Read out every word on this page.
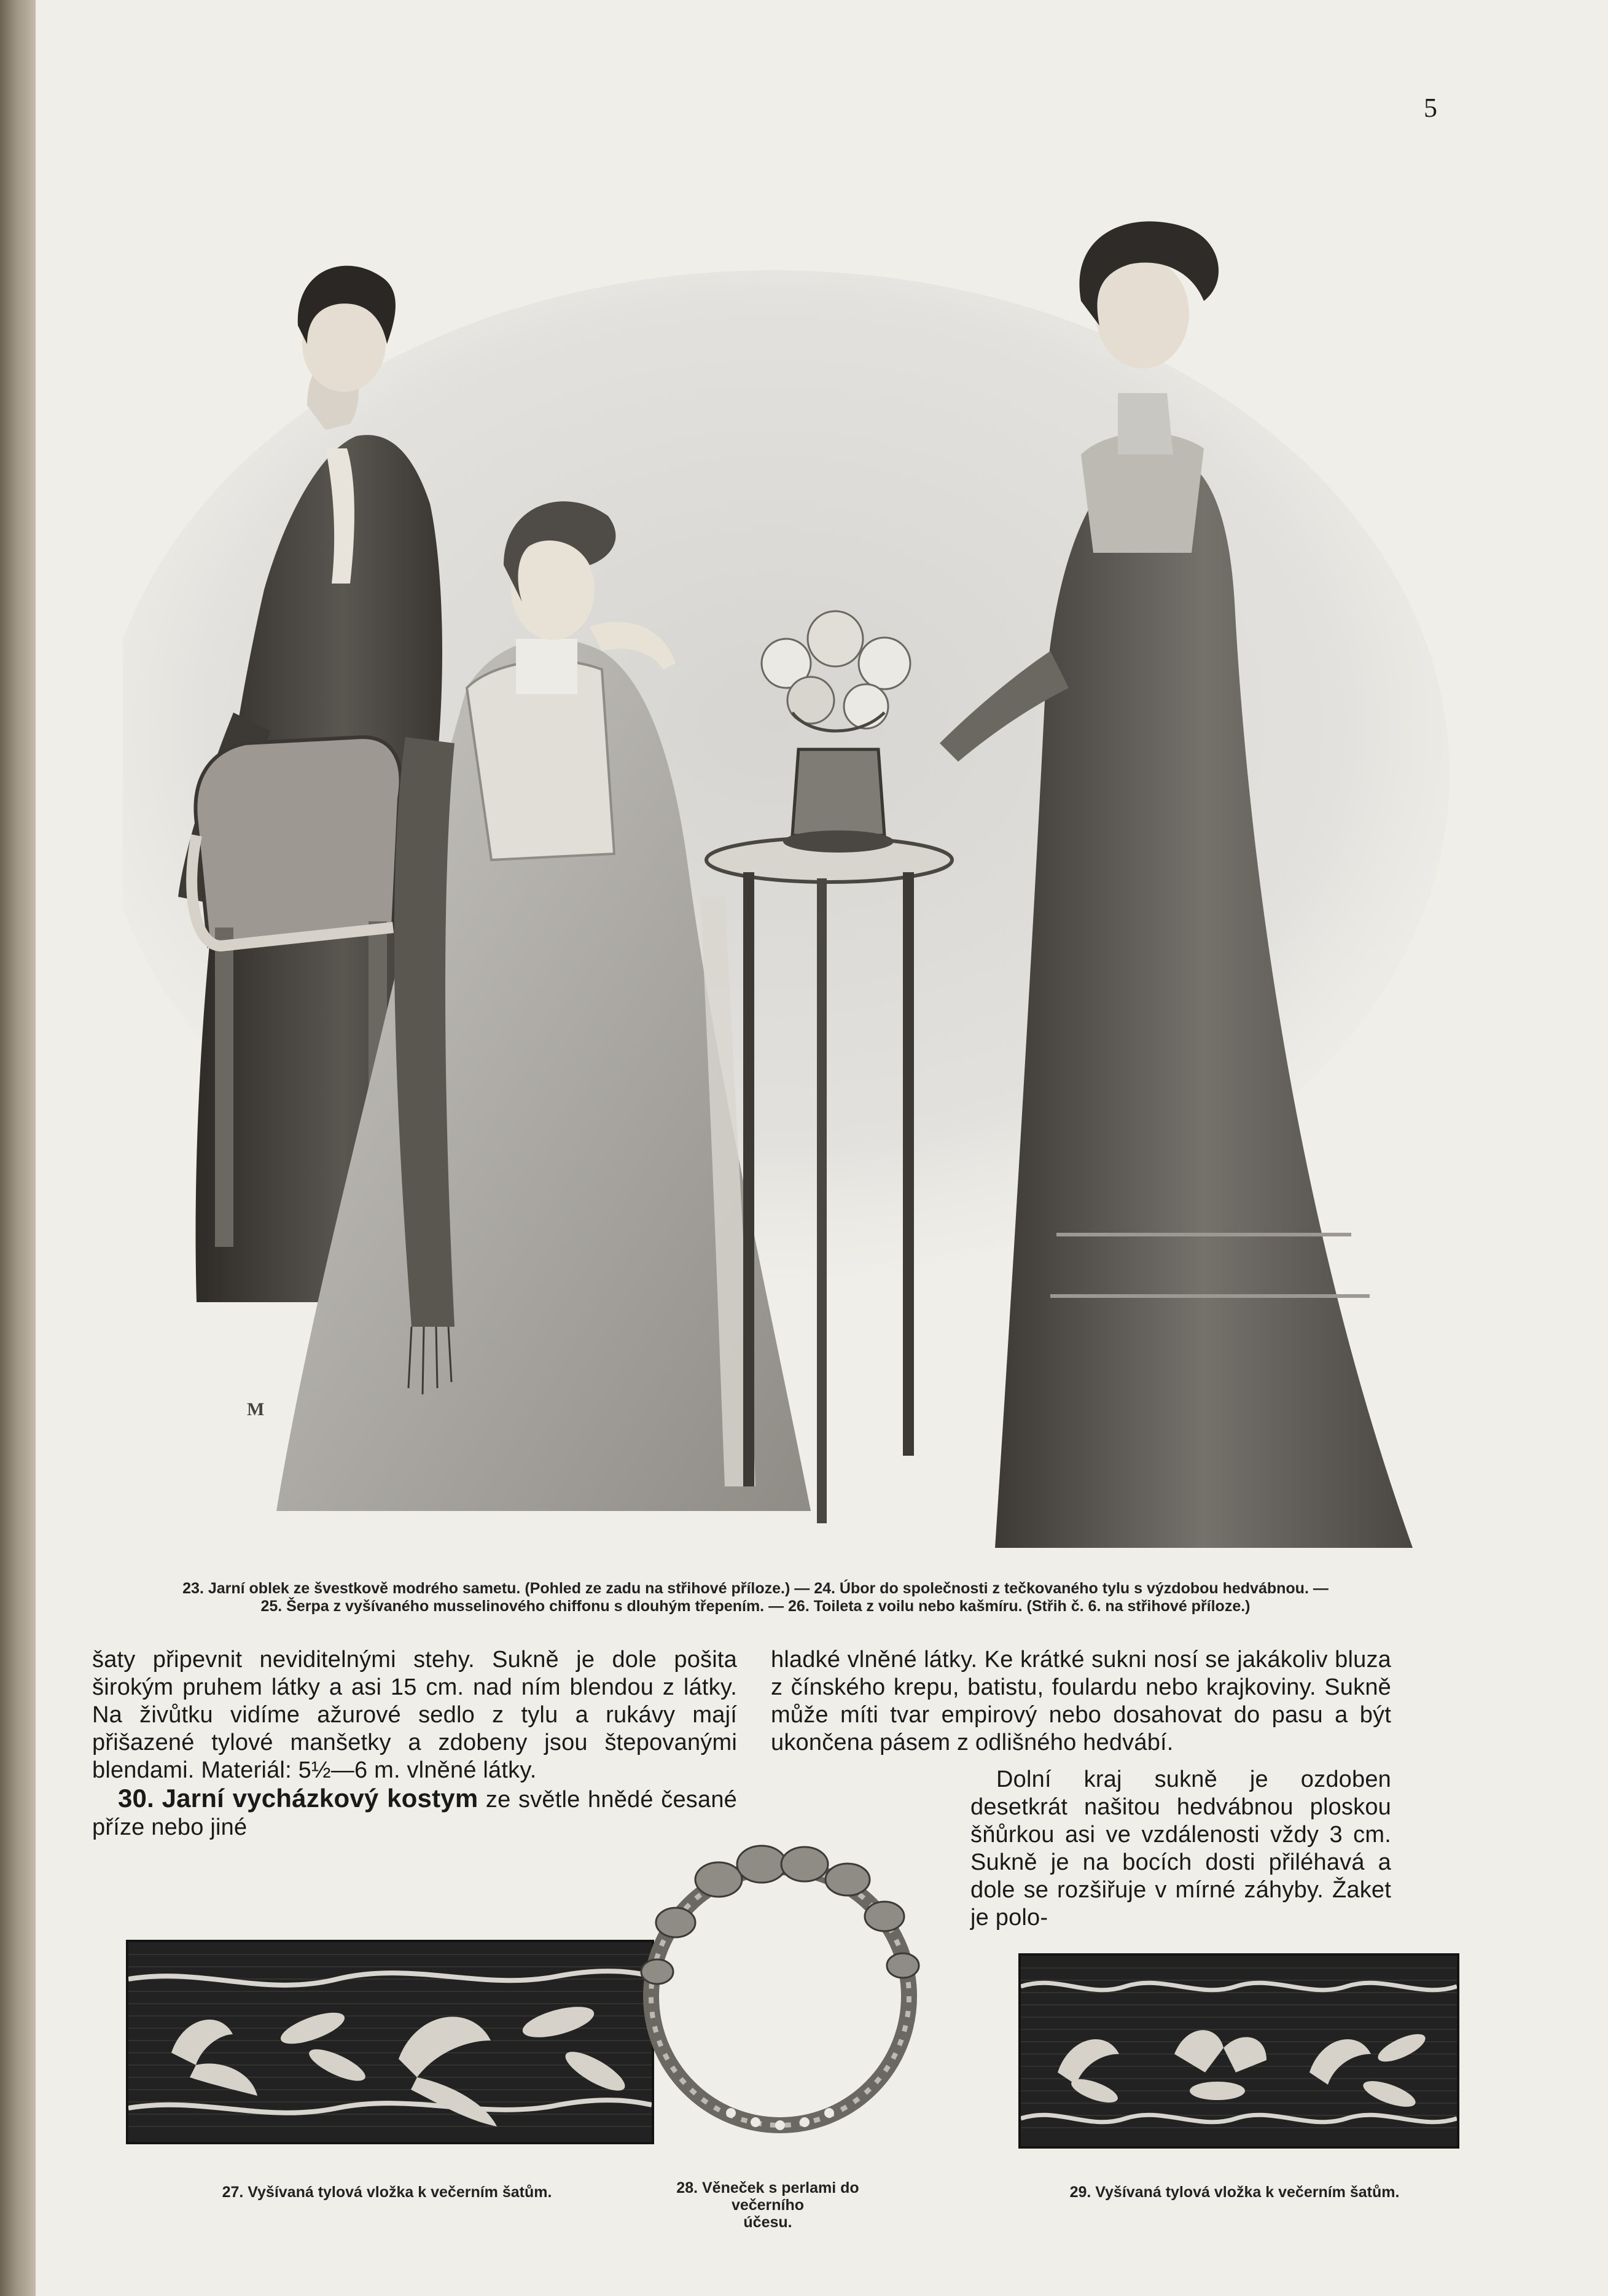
5
M
23. Jarní oblek ze švestkově modrého sametu. (Pohled ze zadu na střihové příloze.) — 24. Úbor do společnosti z tečkovaného tylu s výzdobou hedvábnou. —
25. Šerpa z vyšívaného musselinového chiffonu s dlouhým třepením. — 26. Toileta z voilu nebo kašmíru. (Střih č. 6. na střihové příloze.)

šaty připevnit neviditelnými stehy. Sukně je dole pošita širokým pruhem látky a asi 15 cm. nad ním blendou z látky. Na živůtku vidíme ažurové sedlo z tylu a rukávy mají přišazené tylové manšetky a zdobeny jsou štepovanými blendami. Materiál: 5½—6 m. vlněné látky.

30. Jarní vycházkový kostym ze světle hnědé česané příze nebo jiné

hladké vlněné látky. Ke krátké sukni nosí se jakákoliv bluza z čínského krepu, batistu, foulardu nebo krajkoviny. Sukně může míti tvar empirový nebo dosahovat do pasu a být ukončena pásem z odlišného hedvábí.

Dolní kraj sukně je ozdoben desetkrát našitou hedvábnou ploskou šňůrkou asi ve vzdálenosti vždy 3 cm. Sukně je na bocích dosti přiléhavá a dole se rozšiřuje v mírné záhyby. Žaket je polo-

27. Vyšívaná tylová vložka k večerním šatům.	28. Věneček s perlami do večerního
účesu.
29. Vyšívaná tylová vložka k večerním šatům.
